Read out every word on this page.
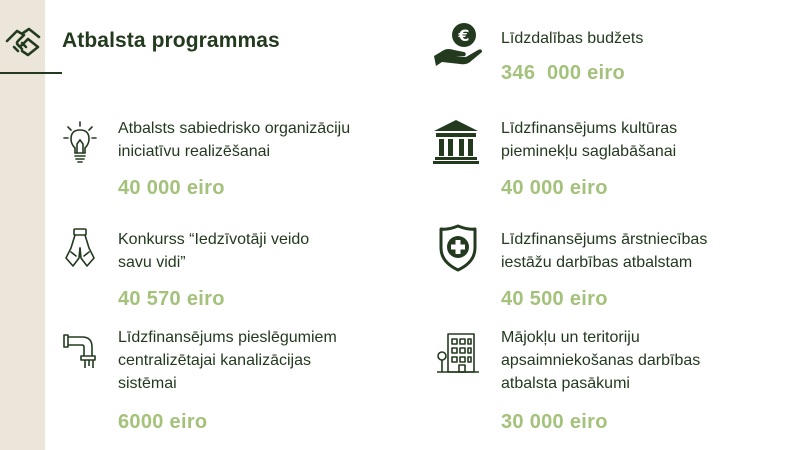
Atbalsta programmas	€ Līdzdalības budžets
346  000 eiro
Atbalsts sabiedrisko organizāciju
iniciatīvu realizēšanai
40 000 eiro
Līdzfinansējums kultūras
pieminekļu saglabāšanai
40 000 eiro
Konkurss “Iedzīvotāji veido
savu vidi”
40 570 eiro
Līdzfinansējums ārstniecības
iestāžu darbības atbalstam
40 500 eiro
Līdzfinansējums pieslēgumiem
centralizētajai kanalizācijas
sistēmai
6000 eiro
Mājokļu un teritoriju
apsaimniekošanas darbības
atbalsta pasākumi
30 000 eiro
